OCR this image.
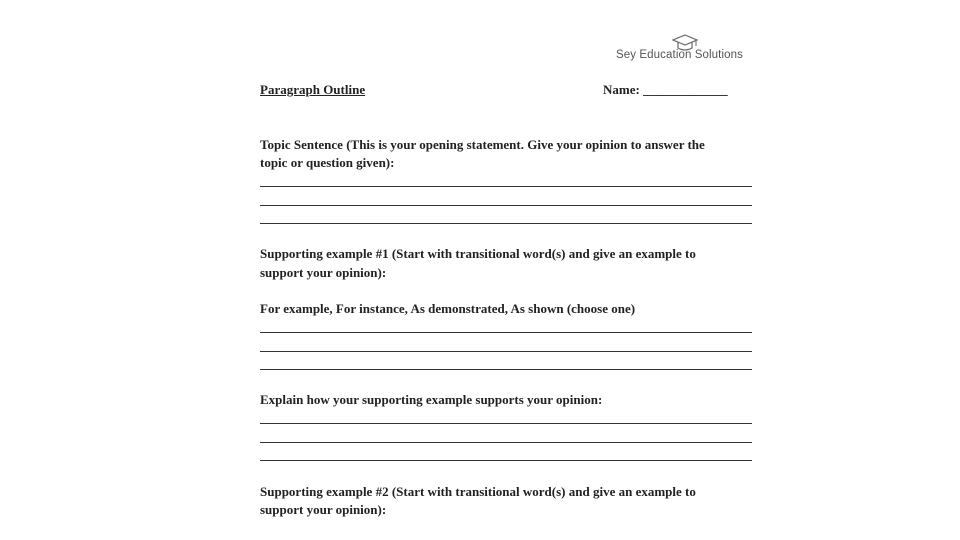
Sey Education Solutions
Paragraph Outline	Name: _____________
Topic Sentence (This is your opening statement. Give your opinion to answer the
topic or question given):
Supporting example #1 (Start with transitional word(s) and give an example to
support your opinion):
For example, For instance, As demonstrated, As shown (choose one)
Explain how your supporting example supports your opinion:
Supporting example #2 (Start with transitional word(s) and give an example to
support your opinion):
